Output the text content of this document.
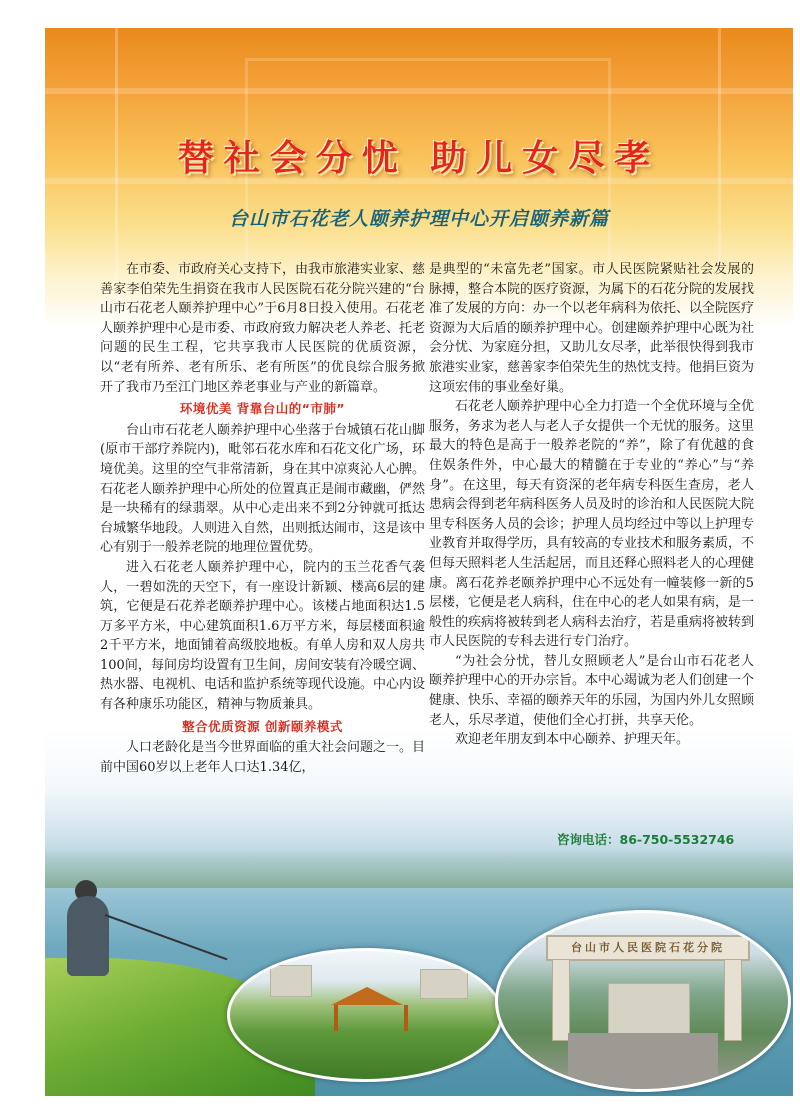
替社会分忧 助儿女尽孝
台山市石花老人颐养护理中心开启颐养新篇

在市委、市政府关心支持下，由我市旅港实业家、慈善家李伯荣先生捐资在我市人民医院石花分院兴建的“台山市石花老人颐养护理中心”于6月8日投入使用。石花老人颐养护理中心是市委、市政府致力解决老人养老、托老问题的民生工程，它共享我市人民医院的优质资源，以“老有所养、老有所乐、老有所医”的优良综合服务掀开了我市乃至江门地区养老事业与产业的新篇章。

环境优美 背靠台山的“市肺”

台山市石花老人颐养护理中心坐落于台城镇石花山脚(原市干部疗养院内)，毗邻石花水库和石花文化广场，环境优美。这里的空气非常清新，身在其中凉爽沁人心脾。石花老人颐养护理中心所处的位置真正是闹市藏幽，俨然是一块稀有的绿翡翠。从中心走出来不到2分钟就可抵达台城繁华地段。人则进入自然，出则抵达闹市，这是该中心有别于一般养老院的地理位置优势。

进入石花老人颐养护理中心，院内的玉兰花香气袭人，一碧如洗的天空下，有一座设计新颖、楼高6层的建筑，它便是石花养老颐养护理中心。该楼占地面积达1.5万多平方米，中心建筑面积1.6万平方米，每层楼面积逾2千平方米，地面铺着高级胶地板。有单人房和双人房共100间，每间房均设置有卫生间，房间安装有冷暖空调、热水器、电视机、电话和监护系统等现代设施。中心内设有各种康乐功能区，精神与物质兼具。

整合优质资源 创新颐养模式

人口老龄化是当今世界面临的重大社会问题之一。目前中国60岁以上老年人口达1.34亿，

是典型的“未富先老”国家。市人民医院紧贴社会发展的脉搏，整合本院的医疗资源，为属下的石花分院的发展找准了发展的方向：办一个以老年病科为依托、以全院医疗资源为大后盾的颐养护理中心。创建颐养护理中心既为社会分忧、为家庭分担，又助儿女尽孝，此举很快得到我市旅港实业家，慈善家李伯荣先生的热忱支持。他捐巨资为这项宏伟的事业垒好巢。

石花老人颐养护理中心全力打造一个全优环境与全优服务，务求为老人与老人子女提供一个无忧的服务。这里最大的特色是高于一般养老院的“养”，除了有优越的食住娱条件外，中心最大的精髓在于专业的“养心”与“养身”。在这里，每天有资深的老年病专科医生查房，老人患病会得到老年病科医务人员及时的诊治和人民医院大院里专科医务人员的会诊；护理人员均经过中等以上护理专业教育并取得学历，具有较高的专业技术和服务素质，不但每天照料老人生活起居，而且还释心照料老人的心理健康。离石花养老颐养护理中心不远处有一幢装修一新的5层楼，它便是老人病科，住在中心的老人如果有病，是一般性的疾病将被转到老人病科去治疗，若是重病将被转到市人民医院的专科去进行专门治疗。

“为社会分忧，替儿女照顾老人”是台山市石花老人颐养护理中心的开办宗旨。本中心竭诚为老人们创建一个健康、快乐、幸福的颐养天年的乐园，为国内外儿女照顾老人，乐尽孝道，使他们全心打拼，共享天伦。

欢迎老年朋友到本中心颐养、护理天年。

咨询电话：86-750-5532746
台山市人民医院石花分院
